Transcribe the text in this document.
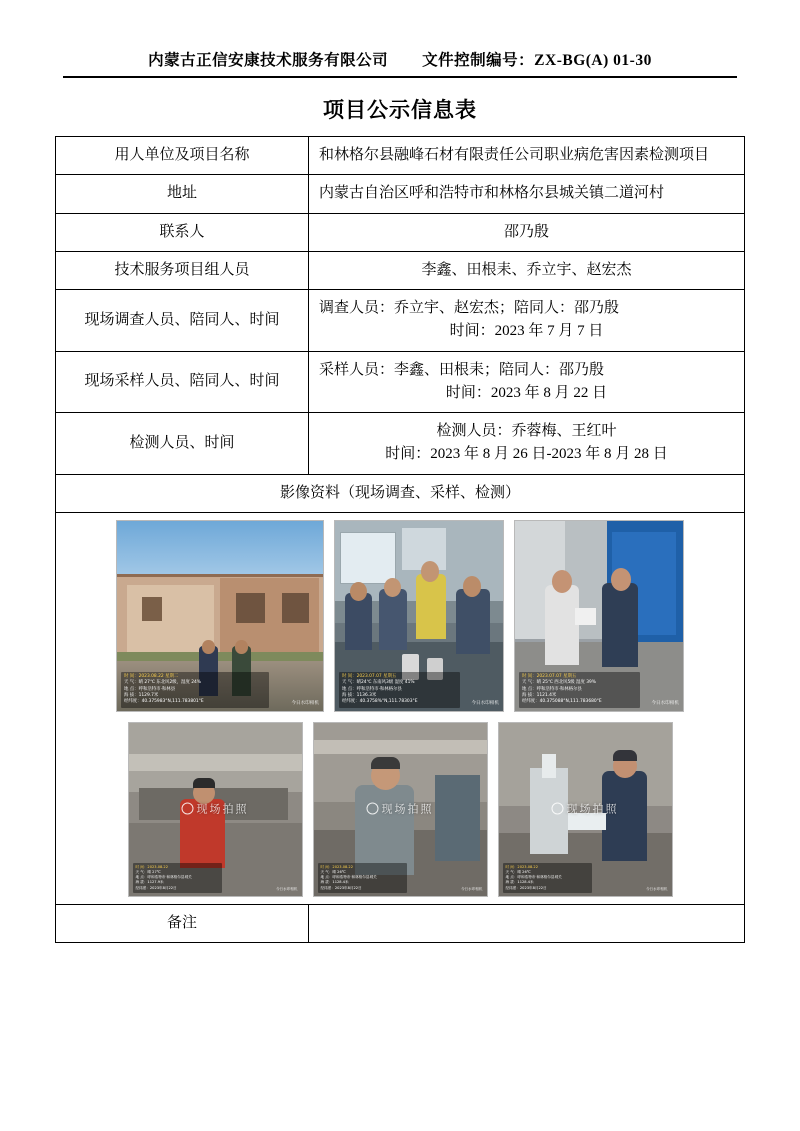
内蒙古正信安康技术服务有限公司 文件控制编号：ZX-BG(A) 01-30
项目公示信息表
用人单位及项目名称	和林格尔县融峰石材有限责任公司职业病危害因素检测项目
地址	内蒙古自治区呼和浩特市和林格尔县城关镇二道河村
联系人	邵乃殷
技术服务项目组人员	李鑫、田根耒、乔立宇、赵宏杰
现场调查人员、陪同人、时间	调查人员：乔立宇、赵宏杰；陪同人：邵乃殷
时间：2023 年 7 月 7 日

现场采样人员、陪同人、时间	采样人员：李鑫、田根耒；陪同人：邵乃殷
时间：2023 年 8 月 22 日

检测人员、时间	检测人员：乔蓉梅、王红叶
时间：2023 年 8 月 26 日-2023 年 8 月 28 日

影像资料（现场调查、采样、检测）	

时 间：2023.08.22 星期二
天 气：晴 27℃ 东北风2级，湿度 24%
地 点：呼和浩特市·和林县
海 拔：1129.7米
经纬度：40.375983°N,111.783801°E	今日水印相机
时 间：2023.07.07 星期五
天 气：晴24℃ 东南风3级 湿度 41%
地 点：呼和浩特市·和林格尔县
海 拔：1136.3米
经纬度：40.3758%°N,111.78303°E	今日水印相机
时 间：2023.07.07 星期五
天 气：晴 25℃ 西北风5级 湿度 39%
地 点：呼和浩特市·和林格尔县
海 拔：1121.4米
经纬度：40.375088°N,111.783680°E	今日水印相机
现场拍照
时 间：2023.08.22
天 气：晴 27℃
地 点：呼和浩特市·和林格尔县城关
海 拔：1127.9米
经纬度：2023年8月22日	今日水印相机
现场拍照
时 间：2023.08.22
天 气：晴 26℃
地 点：呼和浩特市·和林格尔县城关
海 拔：1128.4米
经纬度：2023年8月22日	今日水印相机
现场拍照
时 间：2023.08.22
天 气：晴 26℃
地 点：呼和浩特市·和林格尔县城关
海 拔：1128.4米
经纬度：2023年8月22日	今日水印相机

备注	
